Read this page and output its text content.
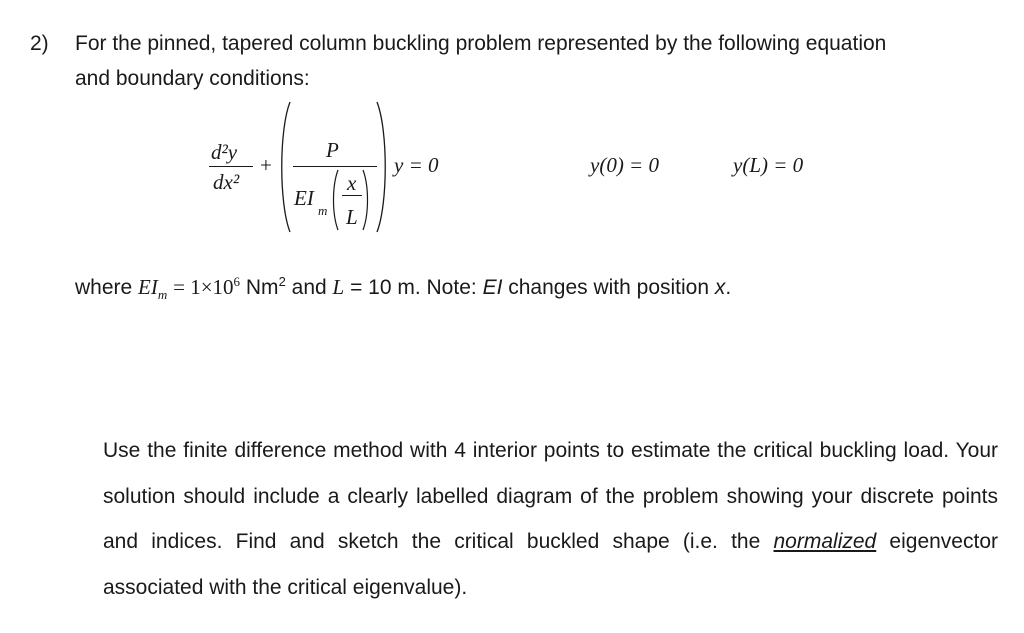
2) For the pinned, tapered column buckling problem represented by the following equation
and boundary conditions:
d²y
dx²
+
P
EI
m
x
L
y = 0	y(0) = 0	y(L) = 0
where $EI_m = 1\times 10^6$ Nm$^2$ and L = 10 m. Note: EI changes with position x.
Use the finite difference method with 4 interior points to estimate the critical buckling load. Your solution should include a clearly labelled diagram of the problem showing your discrete points and indices. Find and sketch the critical buckled shape (i.e. the normalized eigenvector associated with the critical eigenvalue).
